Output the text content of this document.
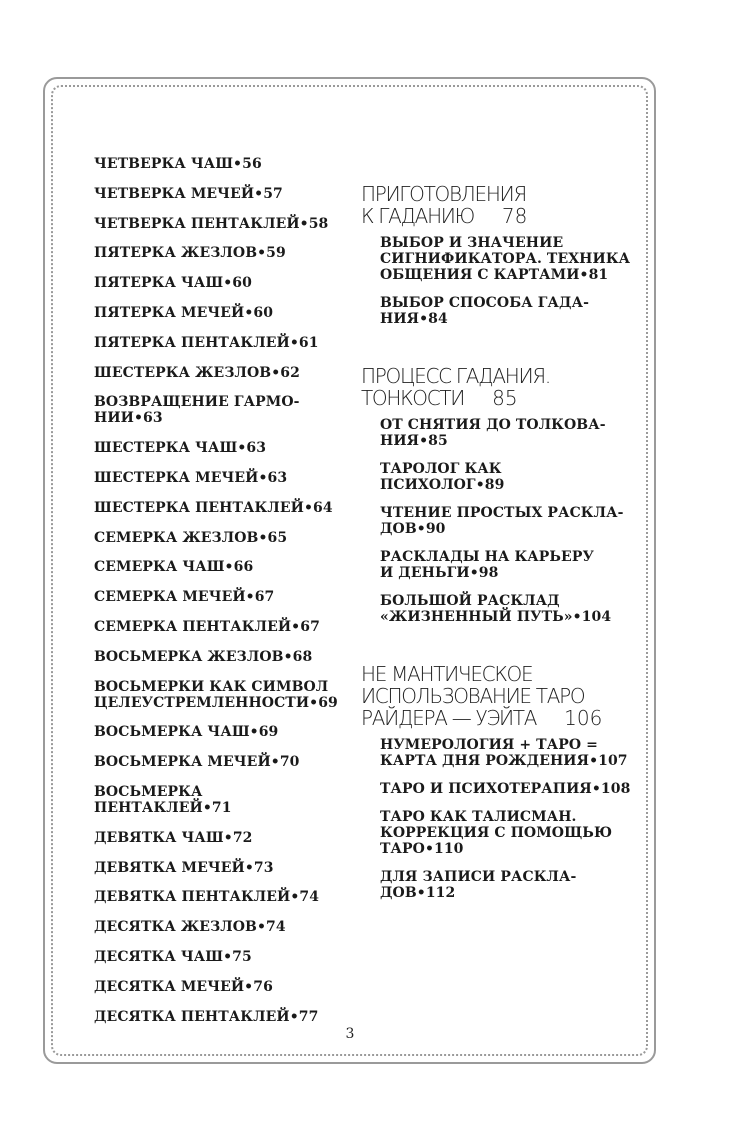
ЧЕТВЕРКА ЧАШ•56
ЧЕТВЕРКА МЕЧЕЙ•57
ЧЕТВЕРКА ПЕНТАКЛЕЙ•58
ПЯТЕРКА ЖЕЗЛОВ•59
ПЯТЕРКА ЧАШ•60
ПЯТЕРКА МЕЧЕЙ•60
ПЯТЕРКА ПЕНТАКЛЕЙ•61
ШЕСТЕРКА ЖЕЗЛОВ•62
ВОЗВРАЩЕНИЕ ГАРМО-
НИИ•63
ШЕСТЕРКА ЧАШ•63
ШЕСТЕРКА МЕЧЕЙ•63
ШЕСТЕРКА ПЕНТАКЛЕЙ•64
СЕМЕРКА ЖЕЗЛОВ•65
СЕМЕРКА ЧАШ•66
СЕМЕРКА МЕЧЕЙ•67
СЕМЕРКА ПЕНТАКЛЕЙ•67
ВОСЬМЕРКА ЖЕЗЛОВ•68
ВОСЬМЕРКИ КАК СИМВОЛ
ЦЕЛЕУСТРЕМЛЕННОСТИ•69
ВОСЬМЕРКА ЧАШ•69
ВОСЬМЕРКА МЕЧЕЙ•70
ВОСЬМЕРКА ПЕНТАКЛЕЙ•71
ДЕВЯТКА ЧАШ•72
ДЕВЯТКА МЕЧЕЙ•73
ДЕВЯТКА ПЕНТАКЛЕЙ•74
ДЕСЯТКА ЖЕЗЛОВ•74
ДЕСЯТКА ЧАШ•75
ДЕСЯТКА МЕЧЕЙ•76
ДЕСЯТКА ПЕНТАКЛЕЙ•77
ПРИГОТОВЛЕНИЯ
К ГАДАНИЮ 78
ВЫБОР И ЗНАЧЕНИЕ
СИГНИФИКАТОРА. ТЕХНИКА
ОБЩЕНИЯ С КАРТАМИ•81
ВЫБОР СПОСОБА ГАДА-
НИЯ•84
ПРОЦЕСС ГАДАНИЯ.
ТОНКОСТИ 85
ОТ СНЯТИЯ ДО ТОЛКОВА-
НИЯ•85
ТАРОЛОГ КАК ПСИХОЛОГ•89
ЧТЕНИЕ ПРОСТЫХ РАСКЛА-
ДОВ•90
РАСКЛАДЫ НА КАРЬЕРУ
И ДЕНЬГИ•98
БОЛЬШОЙ РАСКЛАД
«ЖИЗНЕННЫЙ ПУТЬ»•104
НЕ МАНТИЧЕСКОЕ
ИСПОЛЬЗОВАНИЕ ТАРО
РАЙДЕРА — УЭЙТА 106
НУМЕРОЛОГИЯ + ТАРО =
КАРТА ДНЯ РОЖДЕНИЯ•107
ТАРО И ПСИХОТЕРАПИЯ•108
ТАРО КАК ТАЛИСМАН.
КОРРЕКЦИЯ С ПОМОЩЬЮ
ТАРО•110
ДЛЯ ЗАПИСИ РАСКЛА-
ДОВ•112
3
